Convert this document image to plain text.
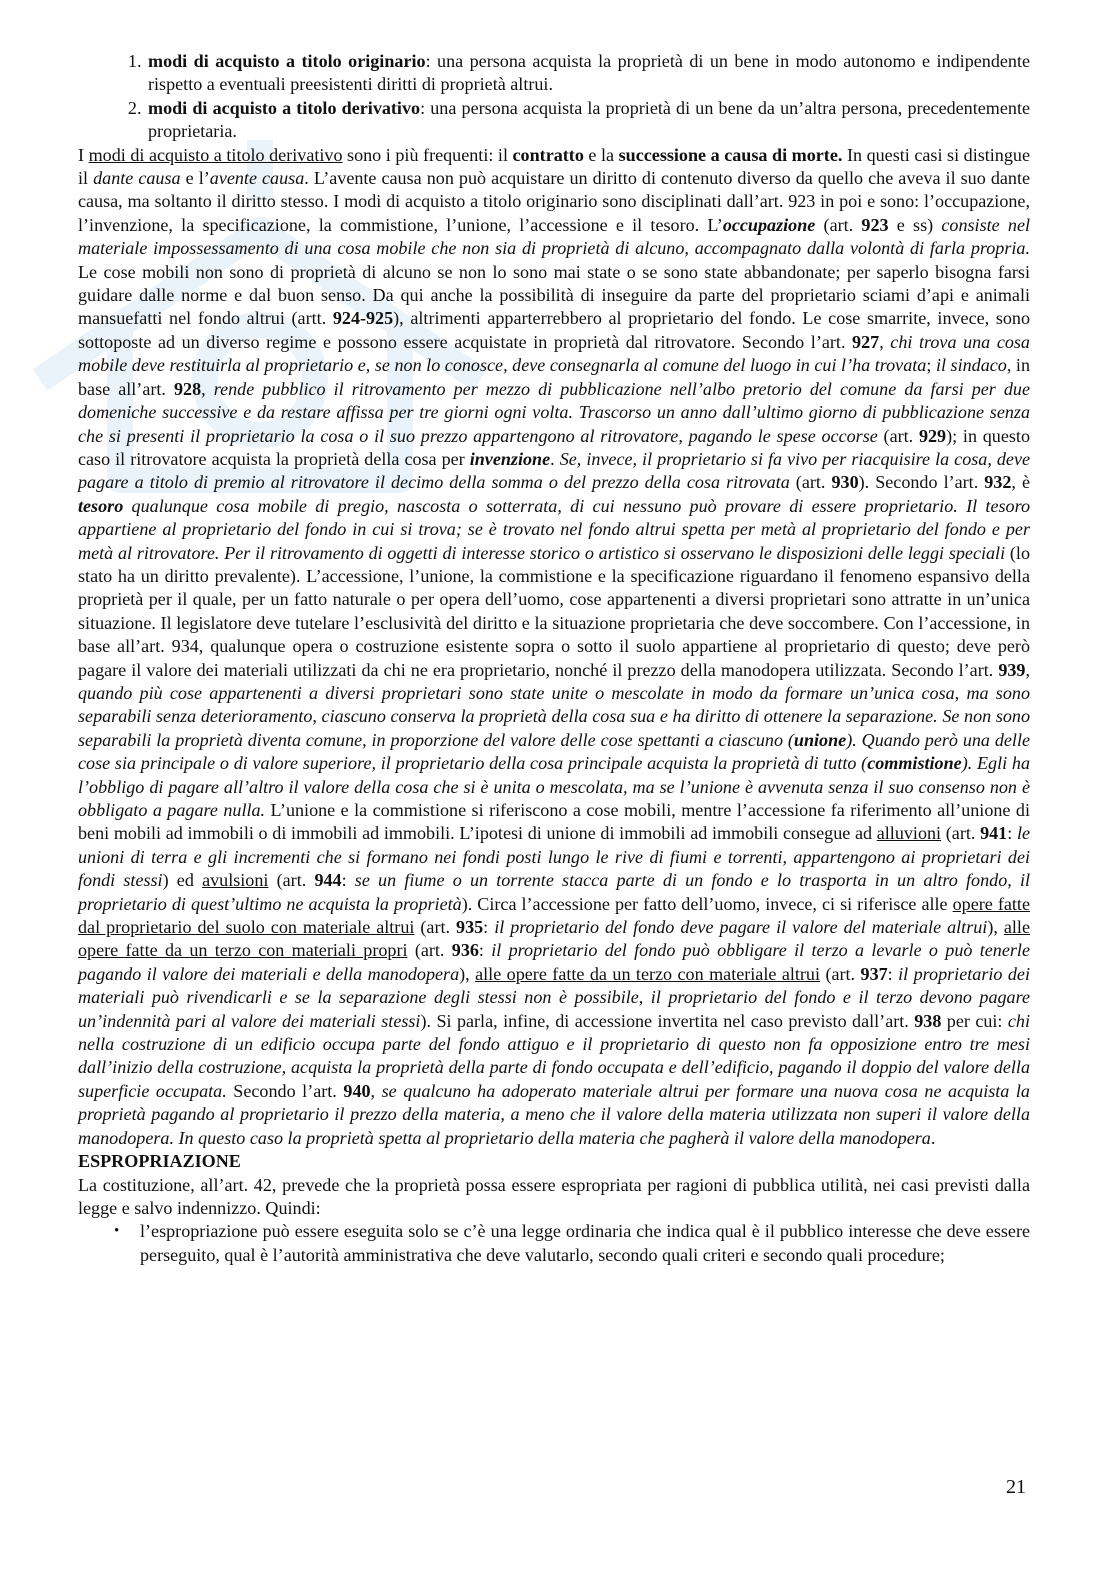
1. modi di acquisto a titolo originario: una persona acquista la proprietà di un bene in modo autonomo e indipendente rispetto a eventuali preesistenti diritti di proprietà altrui.
2. modi di acquisto a titolo derivativo: una persona acquista la proprietà di un bene da un’altra persona, precedentemente proprietaria.

I modi di acquisto a titolo derivativo sono i più frequenti: il contratto e la successione a causa di morte. In questi casi si distingue il dante causa e l’avente causa. L’avente causa non può acquistare un diritto di contenuto diverso da quello che aveva il suo dante causa, ma soltanto il diritto stesso. I modi di acquisto a titolo originario sono disciplinati dall’art. 923 in poi e sono: l’occupazione, l’invenzione, la specificazione, la commistione, l’unione, l’accessione e il tesoro. L’occupazione (art. 923 e ss) consiste nel materiale impossessamento di una cosa mobile che non sia di proprietà di alcuno, accompagnato dalla volontà di farla propria. Le cose mobili non sono di proprietà di alcuno se non lo sono mai state o se sono state abbandonate; per saperlo bisogna farsi guidare dalle norme e dal buon senso. Da qui anche la possibilità di inseguire da parte del proprietario sciami d’api e animali mansuefatti nel fondo altrui (artt. 924-925), altrimenti apparterrebbero al proprietario del fondo. Le cose smarrite, invece, sono sottoposte ad un diverso regime e possono essere acquistate in proprietà dal ritrovatore. Secondo l’art. 927, chi trova una cosa mobile deve restituirla al proprietario e, se non lo conosce, deve consegnarla al comune del luogo in cui l’ha trovata; il sindaco, in base all’art. 928, rende pubblico il ritrovamento per mezzo di pubblicazione nell’albo pretorio del comune da farsi per due domeniche successive e da restare affissa per tre giorni ogni volta. Trascorso un anno dall’ultimo giorno di pubblicazione senza che si presenti il proprietario la cosa o il suo prezzo appartengono al ritrovatore, pagando le spese occorse (art. 929); in questo caso il ritrovatore acquista la proprietà della cosa per invenzione. Se, invece, il proprietario si fa vivo per riacquisire la cosa, deve pagare a titolo di premio al ritrovatore il decimo della somma o del prezzo della cosa ritrovata (art. 930). Secondo l’art. 932, è tesoro qualunque cosa mobile di pregio, nascosta o sotterrata, di cui nessuno può provare di essere proprietario. Il tesoro appartiene al proprietario del fondo in cui si trova; se è trovato nel fondo altrui spetta per metà al proprietario del fondo e per metà al ritrovatore. Per il ritrovamento di oggetti di interesse storico o artistico si osservano le disposizioni delle leggi speciali (lo stato ha un diritto prevalente). L’accessione, l’unione, la commistione e la specificazione riguardano il fenomeno espansivo della proprietà per il quale, per un fatto naturale o per opera dell’uomo, cose appartenenti a diversi proprietari sono attratte in un’unica situazione. Il legislatore deve tutelare l’esclusività del diritto e la situazione proprietaria che deve soccombere. Con l’accessione, in base all’art. 934, qualunque opera o costruzione esistente sopra o sotto il suolo appartiene al proprietario di questo; deve però pagare il valore dei materiali utilizzati da chi ne era proprietario, nonché il prezzo della manodopera utilizzata. Secondo l’art. 939, quando più cose appartenenti a diversi proprietari sono state unite o mescolate in modo da formare un’unica cosa, ma sono separabili senza deterioramento, ciascuno conserva la proprietà della cosa sua e ha diritto di ottenere la separazione. Se non sono separabili la proprietà diventa comune, in proporzione del valore delle cose spettanti a ciascuno (unione). Quando però una delle cose sia principale o di valore superiore, il proprietario della cosa principale acquista la proprietà di tutto (commistione). Egli ha l’obbligo di pagare all’altro il valore della cosa che si è unita o mescolata, ma se l’unione è avvenuta senza il suo consenso non è obbligato a pagare nulla. L’unione e la commistione si riferiscono a cose mobili, mentre l’accessione fa riferimento all’unione di beni mobili ad immobili o di immobili ad immobili. L’ipotesi di unione di immobili ad immobili consegue ad alluvioni (art. 941: le unioni di terra e gli incrementi che si formano nei fondi posti lungo le rive di fiumi e torrenti, appartengono ai proprietari dei fondi stessi) ed avulsioni (art. 944: se un fiume o un torrente stacca parte di un fondo e lo trasporta in un altro fondo, il proprietario di quest’ultimo ne acquista la proprietà). Circa l’accessione per fatto dell’uomo, invece, ci si riferisce alle opere fatte dal proprietario del suolo con materiale altrui (art. 935: il proprietario del fondo deve pagare il valore del materiale altrui), alle opere fatte da un terzo con materiali propri (art. 936: il proprietario del fondo può obbligare il terzo a levarle o può tenerle pagando il valore dei materiali e della manodopera), alle opere fatte da un terzo con materiale altrui (art. 937: il proprietario dei materiali può rivendicarli e se la separazione degli stessi non è possibile, il proprietario del fondo e il terzo devono pagare un’indennità pari al valore dei materiali stessi). Si parla, infine, di accessione invertita nel caso previsto dall’art. 938 per cui: chi nella costruzione di un edificio occupa parte del fondo attiguo e il proprietario di questo non fa opposizione entro tre mesi dall’inizio della costruzione, acquista la proprietà della parte di fondo occupata e dell’edificio, pagando il doppio del valore della superficie occupata. Secondo l’art. 940, se qualcuno ha adoperato materiale altrui per formare una nuova cosa ne acquista la proprietà pagando al proprietario il prezzo della materia, a meno che il valore della materia utilizzata non superi il valore della manodopera. In questo caso la proprietà spetta al proprietario della materia che pagherà il valore della manodopera.

ESPROPRIAZIONE

La costituzione, all’art. 42, prevede che la proprietà possa essere espropriata per ragioni di pubblica utilità, nei casi previsti dalla legge e salvo indennizzo. Quindi:

• l’espropriazione può essere eseguita solo se c’è una legge ordinaria che indica qual è il pubblico interesse che deve essere perseguito, qual è l’autorità amministrativa che deve valutarlo, secondo quali criteri e secondo quali procedure;
21
